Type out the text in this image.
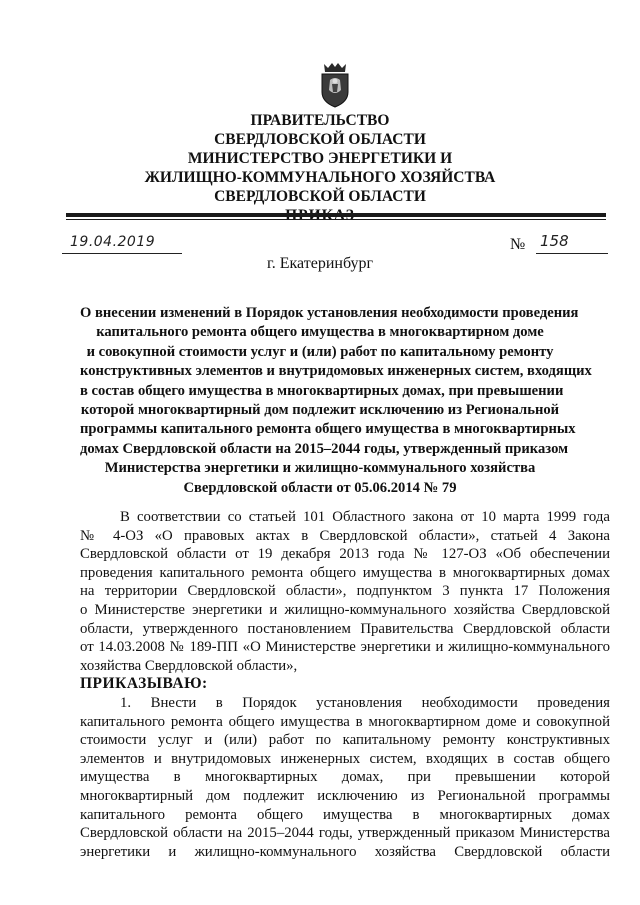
ПРАВИТЕЛЬСТВО
СВЕРДЛОВСКОЙ ОБЛАСТИ
МИНИСТЕРСТВО ЭНЕРГЕТИКИ И
ЖИЛИЩНО-КОММУНАЛЬНОГО ХОЗЯЙСТВА
СВЕРДЛОВСКОЙ ОБЛАСТИ
19.04.2019	№ 158
г. Екатеринбург
О внесении изменений в Порядок установления необходимости проведения
капитального ремонта общего имущества в многоквартирном доме
и совокупной стоимости услуг и (или) работ по капитальному ремонту
конструктивных элементов и внутридомовых инженерных систем, входящих
в состав общего имущества в многоквартирных домах, при превышении
которой многоквартирный дом подлежит исключению из Региональной
программы капитального ремонта общего имущества в многоквартирных
домах Свердловской области на 2015–2044 годы, утвержденный приказом
Министерства энергетики и жилищно-коммунального хозяйства
Свердловской области от 05.06.2014 № 79
В соответствии со статьей 101 Областного закона от 10 марта 1999 года
№ 4-ОЗ «О правовых актах в Свердловской области», статьей 4 Закона
Свердловской области от 19 декабря 2013 года № 127-ОЗ «Об обеспечении
проведения капитального ремонта общего имущества в многоквартирных домах
на территории Свердловской области», подпунктом 3 пункта 17 Положения
о Министерстве энергетики и жилищно-коммунального хозяйства Свердловской
области, утвержденного постановлением Правительства Свердловской области
от 14.03.2008 № 189-ПП «О Министерстве энергетики и жилищно-коммунального
хозяйства Свердловской области»,
ПРИКАЗЫВАЮ:
1. Внести в Порядок установления необходимости проведения
капитального ремонта общего имущества в многоквартирном доме и совокупной
стоимости услуг и (или) работ по капитальному ремонту конструктивных
элементов и внутридомовых инженерных систем, входящих в состав общего
имущества в многоквартирных домах, при превышении которой
многоквартирный дом подлежит исключению из Региональной программы
капитального ремонта общего имущества в многоквартирных домах
Свердловской области на 2015–2044 годы, утвержденный приказом Министерства
энергетики и жилищно-коммунального хозяйства Свердловской области
